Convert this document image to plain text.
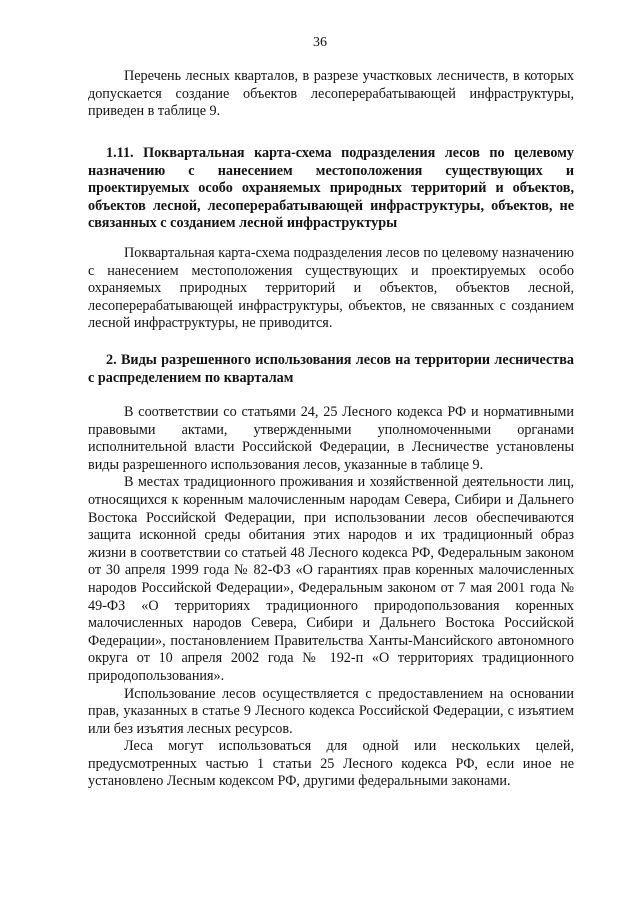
36

Перечень лесных кварталов, в разрезе участковых лесничеств, в которых допускается создание объектов лесоперерабатывающей инфраструктуры, приведен в таблице 9.

1.11. Поквартальная карта-схема подразделения лесов по целевому назначению с нанесением местоположения существующих и проектируемых особо охраняемых природных территорий и объектов, объектов лесной, лесоперерабатывающей инфраструктуры, объектов, не связанных с созданием лесной инфраструктуры

Поквартальная карта-схема подразделения лесов по целевому назначению с нанесением местоположения существующих и проектируемых особо охраняемых природных территорий и объектов, объектов лесной, лесоперерабатывающей инфраструктуры, объектов, не связанных с созданием лесной инфраструктуры, не приводится.

2. Виды разрешенного использования лесов на территории лесничества с распределением по кварталам

В соответствии со статьями 24, 25 Лесного кодекса РФ и нормативными правовыми актами, утвержденными уполномоченными органами исполнительной власти Российской Федерации, в Лесничестве установлены виды разрешенного использования лесов, указанные в таблице 9.

В местах традиционного проживания и хозяйственной деятельности лиц, относящихся к коренным малочисленным народам Севера, Сибири и Дальнего Востока Российской Федерации, при использовании лесов обеспечиваются защита исконной среды обитания этих народов и их традиционный образ жизни в соответствии со статьей 48 Лесного кодекса РФ, Федеральным законом от 30 апреля 1999 года № 82-ФЗ «О гарантиях прав коренных малочисленных народов Российской Федерации», Федеральным законом от 7 мая 2001 года № 49-ФЗ «О территориях традиционного природопользования коренных малочисленных народов Севера, Сибири и Дальнего Востока Российской Федерации», постановлением Правительства Ханты-Мансийского автономного округа от 10 апреля 2002 года № 192-п «О территориях традиционного природопользования».

Использование лесов осуществляется с предоставлением на основании прав, указанных в статье 9 Лесного кодекса Российской Федерации, с изъятием или без изъятия лесных ресурсов.

Леса могут использоваться для одной или нескольких целей, предусмотренных частью 1 статьи 25 Лесного кодекса РФ, если иное не установлено Лесным кодексом РФ, другими федеральными законами.
